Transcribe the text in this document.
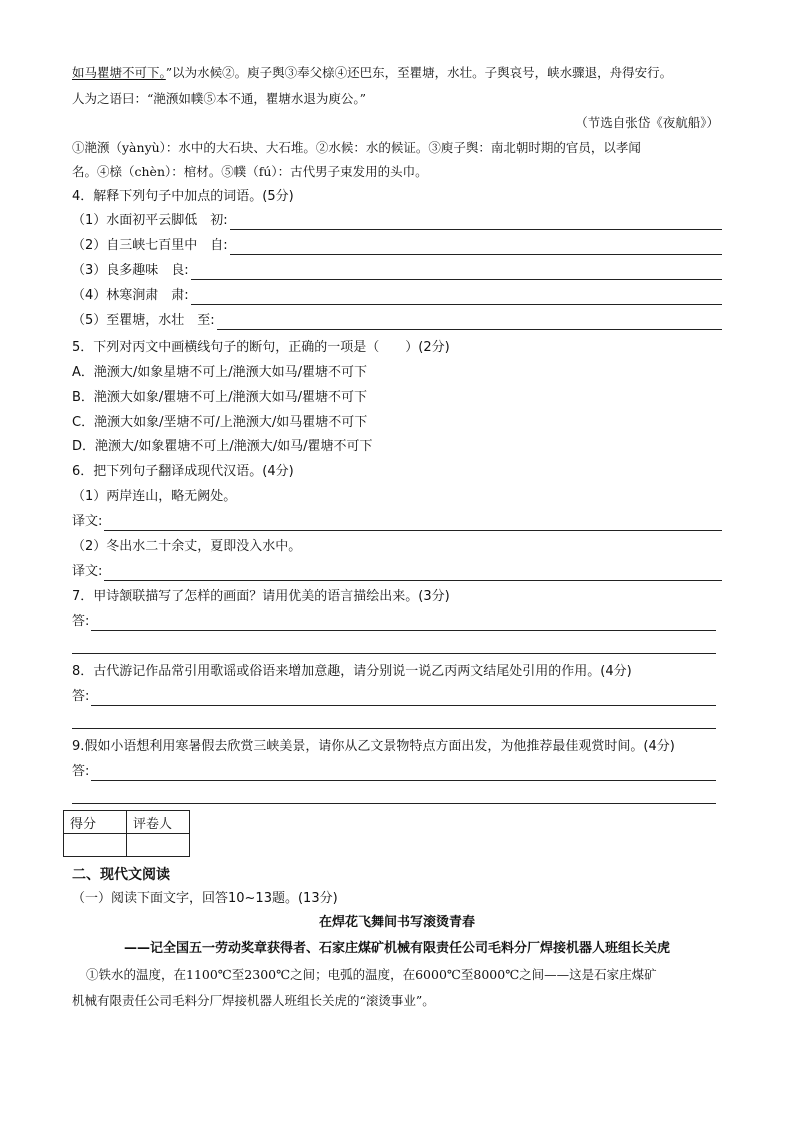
如马瞿塘不可下。”以为水候②。庾子舆③奉父榇④还巴东，至瞿塘，水壮。子舆哀号，峡水骤退，舟得安行。
人为之语曰：“滟滪如幞⑤本不通，瞿塘水退为庾公。”
（节选自张岱《夜航船》）
①滟滪（yànyù）：水中的大石块、大石堆。②水候：水的候证。③庾子舆：南北朝时期的官员，以孝闻
名。④榇（chèn）：棺材。⑤幞（fú）：古代男子束发用的头巾。
4．解释下列句子中加点的词语。(5分)
（1）水面初平云脚低　初:
（2）自三峡七百里中　自:
（3）良多趣味　良:
（4）林寒涧肃　肃:
（5）至瞿塘，水壮　至:
5．下列对丙文中画横线句子的断句，正确的一项是（　　）(2分)
A．滟滪大/如象星塘不可上/滟滪大如马/瞿塘不可下
B．滟滪大如象/瞿塘不可上/滟滪大如马/瞿塘不可下
C．滟滪大如象/垩塘不可/上滟滪大/如马瞿塘不可下
D．滟滪大/如象瞿塘不可上/滟滪大/如马/瞿塘不可下
6．把下列句子翻译成现代汉语。(4分)
（1）两岸连山，略无阙处。
译文:
（2）冬出水二十余丈，夏即没入水中。
译文:
7．甲诗颔联描写了怎样的画面？请用优美的语言描绘出来。(3分)
答:
8．古代游记作品常引用歌谣或俗语来增加意趣，请分别说一说乙丙两文结尾处引用的作用。(4分)
答:
9.假如小语想利用寒暑假去欣赏三峡美景，请你从乙文景物特点方面出发，为他推荐最佳观赏时间。(4分)
答:
得分	评卷人

二、现代文阅读
（一）阅读下面文字，回答10~13题。(13分)
在焊花飞舞间书写滚烫青春
——记全国五一劳动奖章获得者、石家庄煤矿机械有限责任公司毛料分厂焊接机器人班组长关虎
①铁水的温度，在1100℃至2300℃之间；电弧的温度，在6000℃至8000℃之间——这是石家庄煤矿
机械有限责任公司毛料分厂焊接机器人班组长关虎的“滚烫事业”。
